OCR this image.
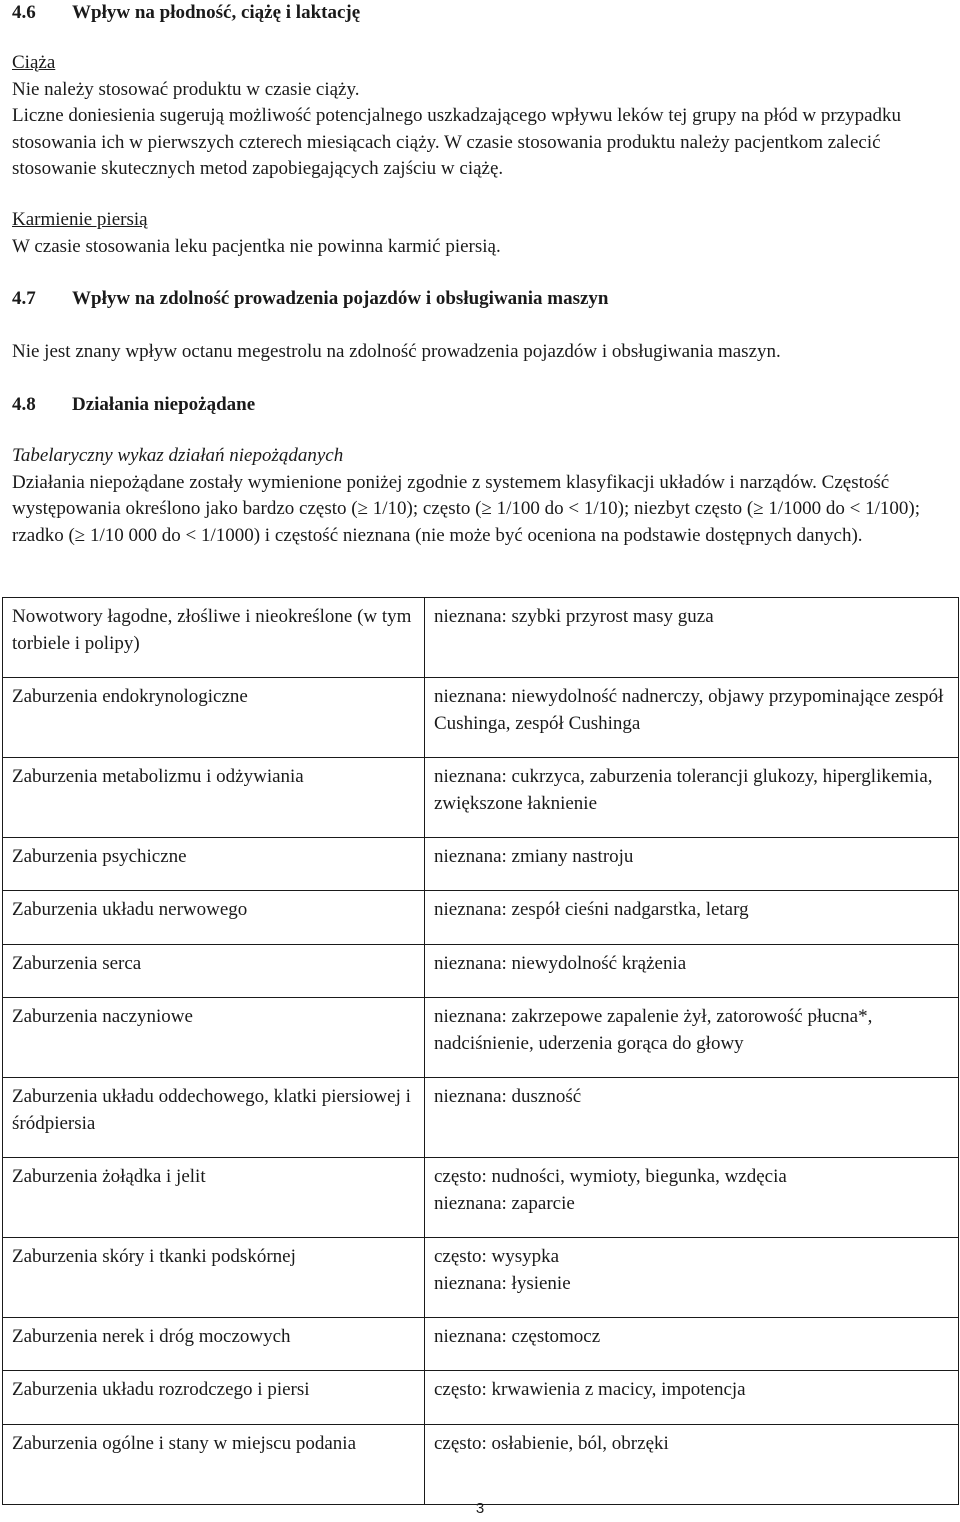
4.6 Wpływ na płodność, ciążę i laktację

Ciąża

Nie należy stosować produktu w czasie ciąży.

Liczne doniesienia sugerują możliwość potencjalnego uszkadzającego wpływu leków tej grupy na płód w przypadku stosowania ich w pierwszych czterech miesiącach ciąży. W czasie stosowania produktu należy pacjentkom zalecić stosowanie skutecznych metod zapobiegających zajściu w ciążę.

Karmienie piersią

W czasie stosowania leku pacjentka nie powinna karmić piersią.

4.7 Wpływ na zdolność prowadzenia pojazdów i obsługiwania maszyn

Nie jest znany wpływ octanu megestrolu na zdolność prowadzenia pojazdów i obsługiwania maszyn.

4.8 Działania niepożądane

Tabelaryczny wykaz działań niepożądanych

Działania niepożądane zostały wymienione poniżej zgodnie z systemem klasyfikacji układów i narządów. Częstość występowania określono jako bardzo często (≥ 1/10); często (≥ 1/100 do < 1/10); niezbyt często (≥ 1/1000 do < 1/100); rzadko (≥ 1/10 000 do < 1/1000) i częstość nieznana (nie może być oceniona na podstawie dostępnych danych).

Nowotwory łagodne, złośliwe i nieokreślone (w tym torbiele i polipy)	nieznana: szybki przyrost masy guza

Zaburzenia endokrynologiczne	nieznana: niewydolność nadnerczy, objawy przypominające zespół Cushinga, zespół Cushinga

Zaburzenia metabolizmu i odżywiania	nieznana: cukrzyca, zaburzenia tolerancji glukozy, hiperglikemia, zwiększone łaknienie

Zaburzenia psychiczne	nieznana: zmiany nastroju

Zaburzenia układu nerwowego	nieznana: zespół cieśni nadgarstka, letarg

Zaburzenia serca	nieznana: niewydolność krążenia

Zaburzenia naczyniowe	nieznana: zakrzepowe zapalenie żył, zatorowość płucna*, nadciśnienie, uderzenia gorąca do głowy

Zaburzenia układu oddechowego, klatki piersiowej i śródpiersia	nieznana: duszność

Zaburzenia żołądka i jelit	często: nudności, wymioty, biegunka, wzdęcia
nieznana: zaparcie

Zaburzenia skóry i tkanki podskórnej	często: wysypka
nieznana: łysienie

Zaburzenia nerek i dróg moczowych	nieznana: częstomocz

Zaburzenia układu rozrodczego i piersi	często: krwawienia z macicy, impotencja

Zaburzenia ogólne i stany w miejscu podania	często: osłabienie, ból, obrzęki
3
